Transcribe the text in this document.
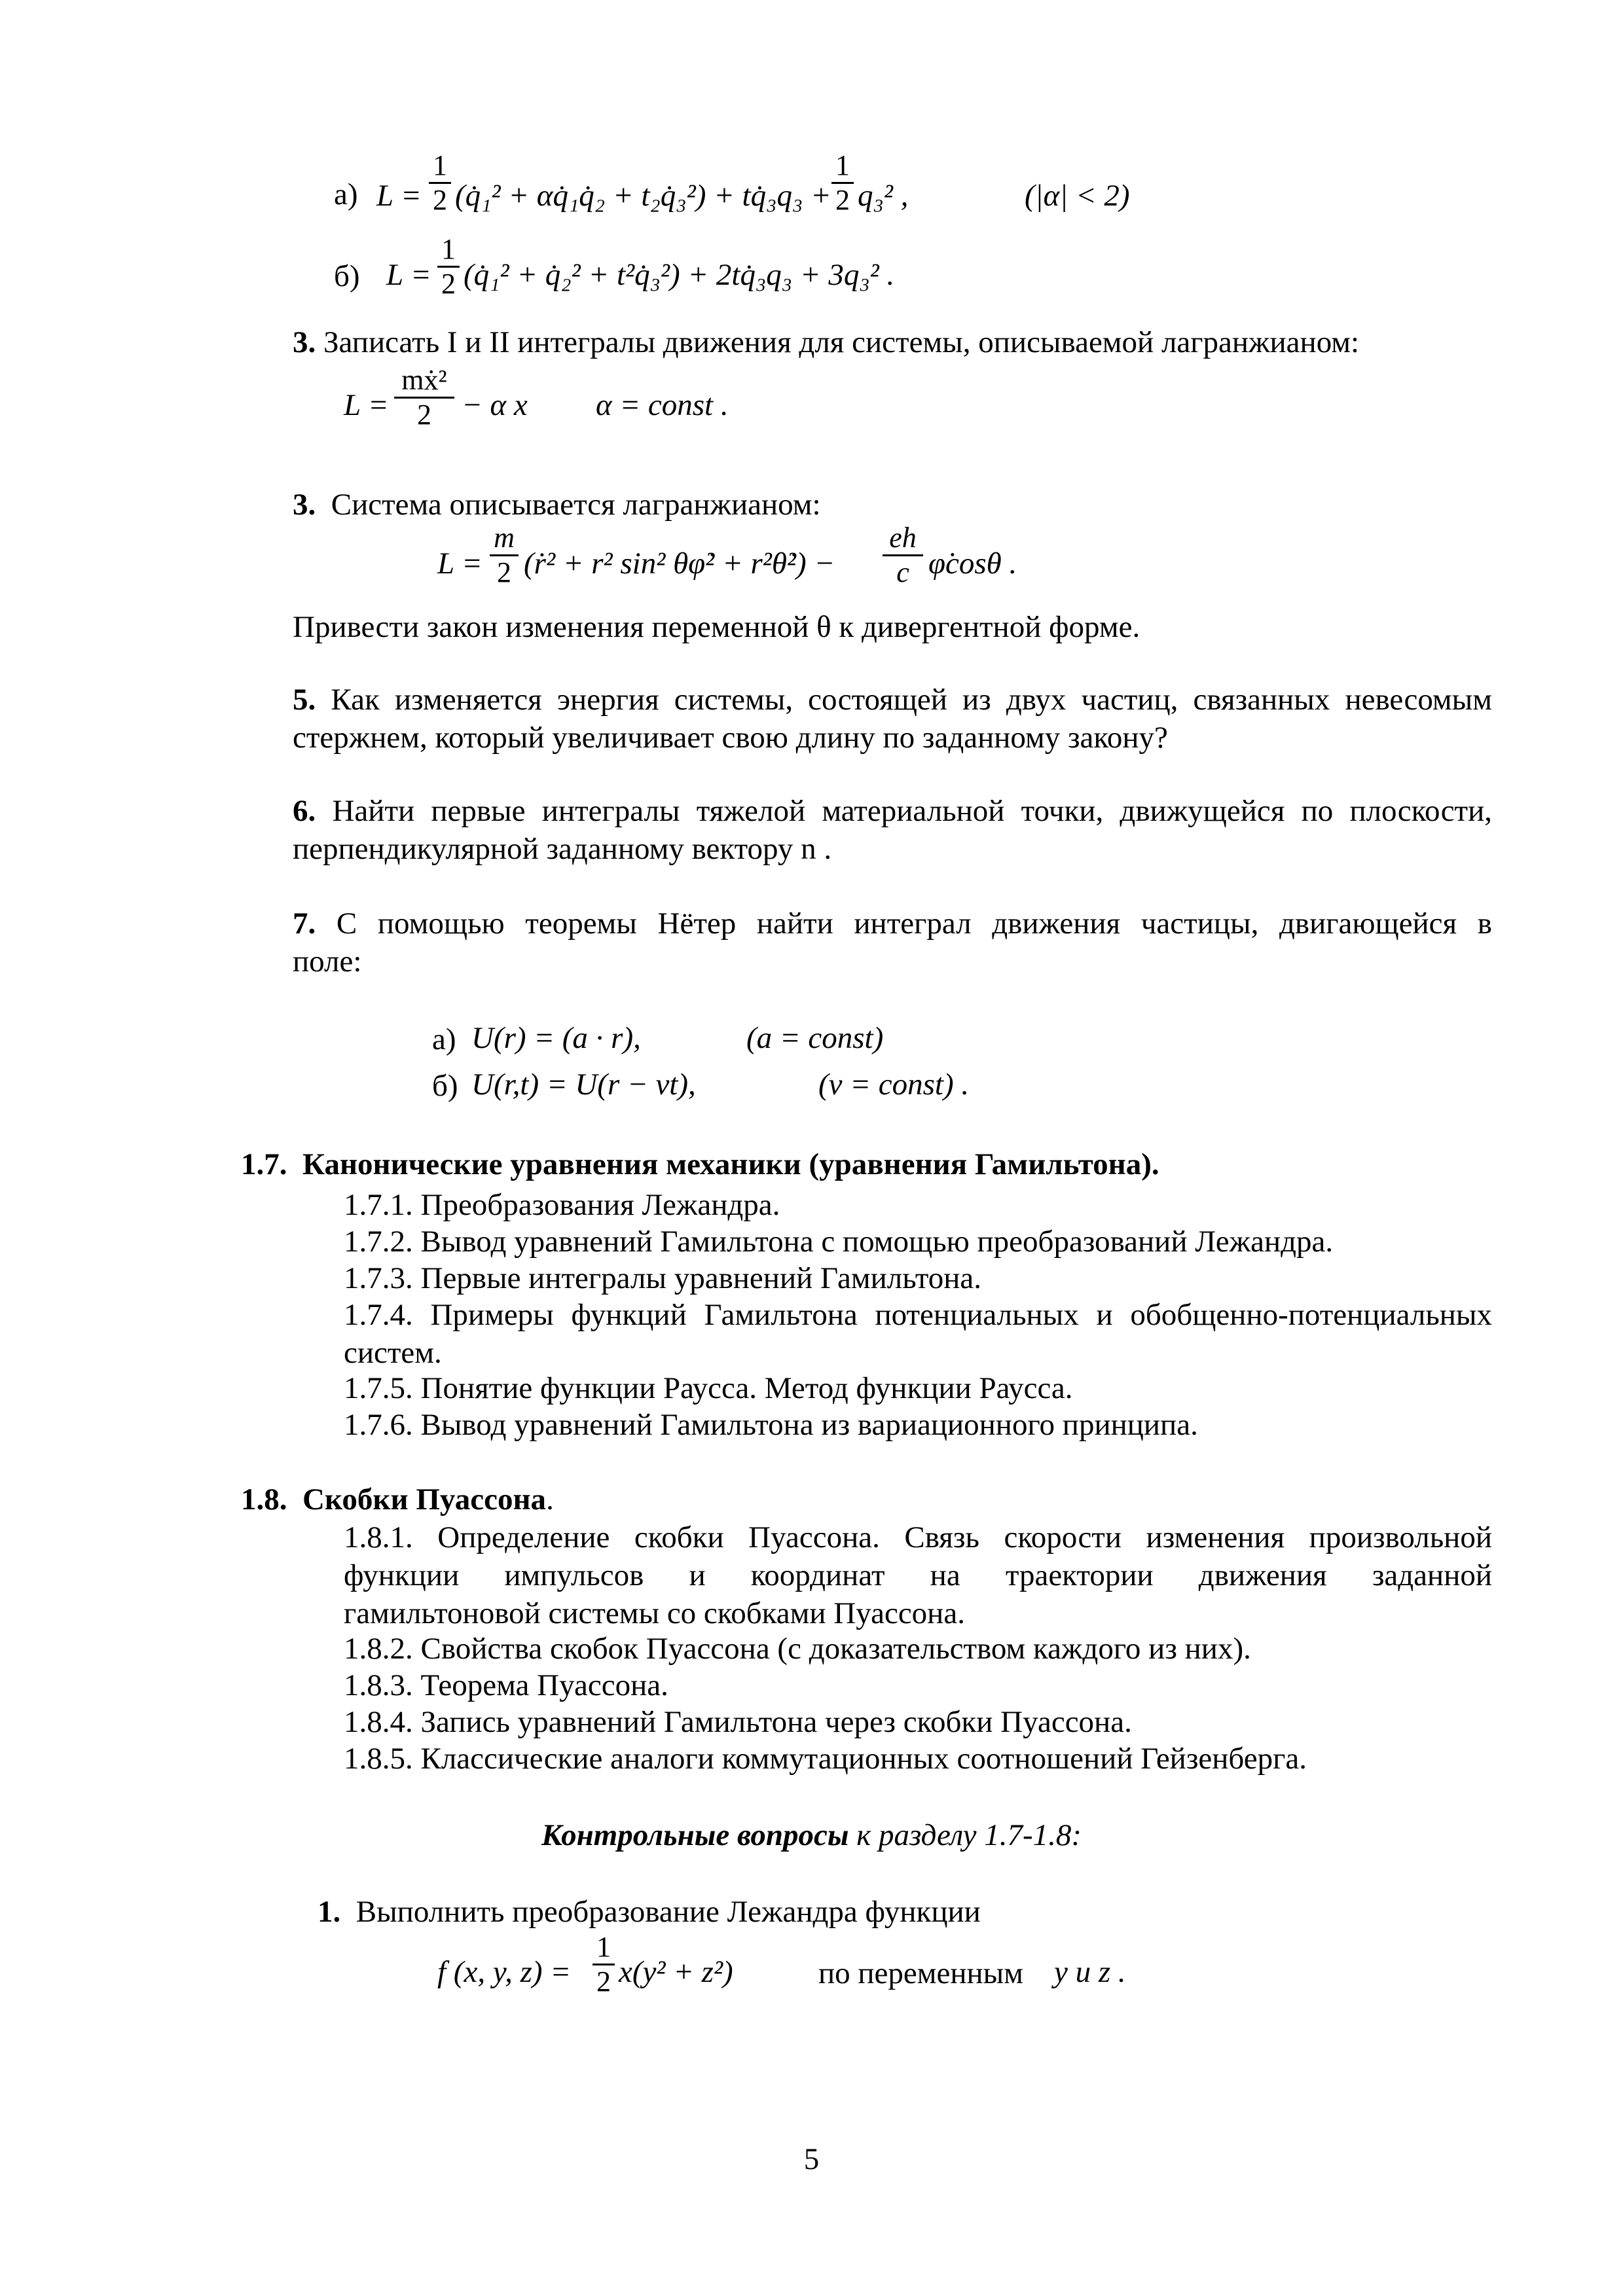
а) L =
1
2 (q̇₁² + αq̇₁q̇₂ + t₂q̇₃²) + tq̇₃q₃ +
1
2 q₃² ,	(|α| < 2)
б) L =
1
2 (q̇₁² + q̇₂² + t²q̇₃²) + 2tq̇₃q₃ + 3q₃² .
3. Записать I и II интегралы движения для системы, описываемой лагранжианом:
L =
mẋ²
2 − α x α = const .
3. Система описывается лагранжианом:
L =
m
2 (ṙ² + r² sin² θφ̇² + r²θ̇²) −
eh
c φ̇cosθ .
Привести закон изменения переменной θ к дивергентной форме.
5. Как изменяется энергия системы, состоящей из двух частиц, связанных невесомым
стержнем, который увеличивает свою длину по заданному закону?
6. Найти первые интегралы тяжелой материальной точки, движущейся по плоскости,
перпендикулярной заданному вектору n .
7. С помощью теоремы Нётер найти интеграл движения частицы, двигающейся в
поле:
а) U(r) = (a · r),	(a = const)
б) U(r,t) = U(r − vt),	(v = const) .
1.7. Канонические уравнения механики (уравнения Гамильтона).
1.7.1. Преобразования Лежандра.
1.7.2. Вывод уравнений Гамильтона с помощью преобразований Лежандра.
1.7.3. Первые интегралы уравнений Гамильтона.
1.7.4. Примеры функций Гамильтона потенциальных и обобщенно-потенциальных
систем.
1.7.5. Понятие функции Раусса. Метод функции Раусса.
1.7.6. Вывод уравнений Гамильтона из вариационного принципа.
1.8. Скобки Пуассона.
1.8.1. Определение скобки Пуассона. Связь скорости изменения произвольной
функции импульсов и координат на траектории движения заданной
гамильтоновой системы со скобками Пуассона.
1.8.2. Свойства скобок Пуассона (с доказательством каждого из них).
1.8.3. Теорема Пуассона.
1.8.4. Запись уравнений Гамильтона через скобки Пуассона.
1.8.5. Классические аналоги коммутационных соотношений Гейзенберга.
Контрольные вопросы к разделу 1.7-1.8:
1. Выполнить преобразование Лежандра функции
f (x, y, z) =
1
2 x(y² + z²)	по переменным y и z .
5
